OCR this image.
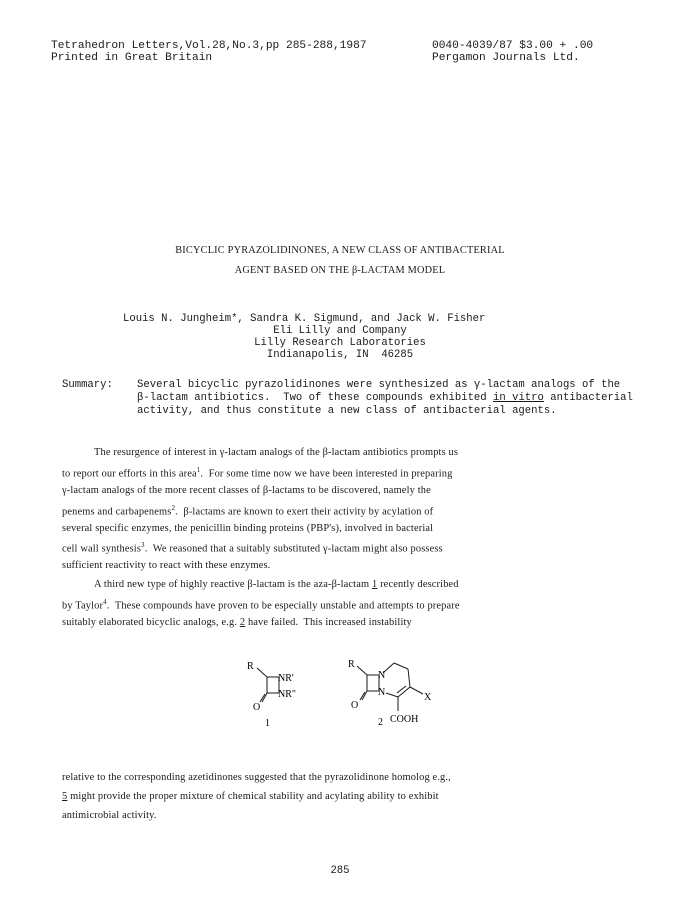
Tetrahedron Letters,Vol.28,No.3,pp 285-288,1987
Printed in Great Britain
0040-4039/87 $3.00 + .00
Pergamon Journals Ltd.
BICYCLIC PYRAZOLIDINONES, A NEW CLASS OF ANTIBACTERIAL
AGENT BASED ON THE β-LACTAM MODEL
Louis N. Jungheim*, Sandra K. Sigmund, and Jack W. Fisher
Eli Lilly and Company
Lilly Research Laboratories
Indianapolis, IN  46285
Summary: Several bicyclic pyrazolidinones were synthesized as γ-lactam analogs of the
β-lactam antibiotics.  Two of these compounds exhibited in vitro antibacterial
activity, and thus constitute a new class of antibacterial agents.
The resurgence of interest in γ-lactam analogs of the β-lactam antibiotics prompts us
to report our efforts in this area$^1$.  For some time now we have been interested in preparing
γ-lactam analogs of the more recent classes of β-lactams to be discovered, namely the
penems and carbapenems$^2$.  β-lactams are known to exert their activity by acylation of
several specific enzymes, the penicillin binding proteins (PBP's), involved in bacterial
cell wall synthesis$^3$.  We reasoned that a suitably substituted γ-lactam might also possess
sufficient reactivity to react with these enzymes.
A third new type of highly reactive β-lactam is the aza-β-lactam 1 recently described
by Taylor$^4$.  These compounds have proven to be especially unstable and attempts to prepare
suitably elaborated bicyclic analogs, e.g. 2 have failed.  This increased instability
R
NR'
NR"
O
1
R
N
N
O
X
COOH
2
relative to the corresponding azetidinones suggested that the pyrazolidinone homolog e.g.,
5 might provide the proper mixture of chemical stability and acylating ability to exhibit
antimicrobial activity.
285
